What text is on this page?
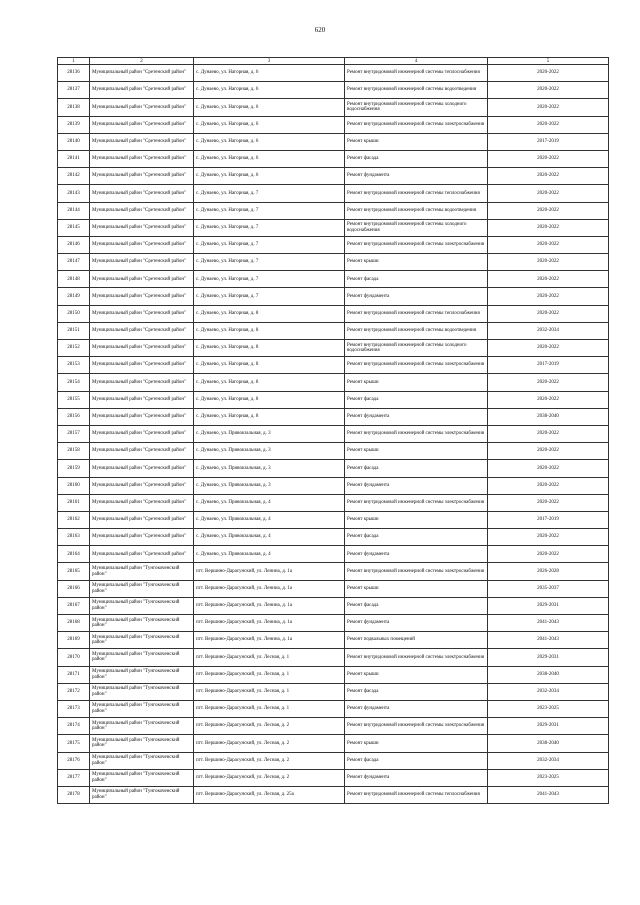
620
1	2	3	4	5
28136	Муниципальный район "Сретенский район"	с. Дунаево, ул. Нагорная, д. 6	Ремонт внутридомовой инженерной системы теплоснабжения	2020-2022
28137	Муниципальный район "Сретенский район"	с. Дунаево, ул. Нагорная, д. 6	Ремонт внутридомовой инженерной системы водоотведения	2020-2022
28138	Муниципальный район "Сретенский район"	с. Дунаево, ул. Нагорная, д. 6	Ремонт внутридомовой инженерной системы холодного водоснабжения	2020-2022
28139	Муниципальный район "Сретенский район"	с. Дунаево, ул. Нагорная, д. 6	Ремонт внутридомовой инженерной системы электроснабжения	2020-2022
28140	Муниципальный район "Сретенский район"	с. Дунаево, ул. Нагорная, д. 6	Ремонт крыши	2017-2019
28141	Муниципальный район "Сретенский район"	с. Дунаево, ул. Нагорная, д. 6	Ремонт фасада	2020-2022
28142	Муниципальный район "Сретенский район"	с. Дунаево, ул. Нагорная, д. 6	Ремонт фундамента	2020-2022
28143	Муниципальный район "Сретенский район"	с. Дунаево, ул. Нагорная, д. 7	Ремонт внутридомовой инженерной системы теплоснабжения	2020-2022
28144	Муниципальный район "Сретенский район"	с. Дунаево, ул. Нагорная, д. 7	Ремонт внутридомовой инженерной системы водоотведения	2020-2022
28145	Муниципальный район "Сретенский район"	с. Дунаево, ул. Нагорная, д. 7	Ремонт внутридомовой инженерной системы холодного водоснабжения	2020-2022
28146	Муниципальный район "Сретенский район"	с. Дунаево, ул. Нагорная, д. 7	Ремонт внутридомовой инженерной системы электроснабжения	2020-2022
28147	Муниципальный район "Сретенский район"	с. Дунаево, ул. Нагорная, д. 7	Ремонт крыши	2020-2022
28148	Муниципальный район "Сретенский район"	с. Дунаево, ул. Нагорная, д. 7	Ремонт фасада	2020-2022
28149	Муниципальный район "Сретенский район"	с. Дунаево, ул. Нагорная, д. 7	Ремонт фундамента	2020-2022
28150	Муниципальный район "Сретенский район"	с. Дунаево, ул. Нагорная, д. 8	Ремонт внутридомовой инженерной системы теплоснабжения	2020-2022
28151	Муниципальный район "Сретенский район"	с. Дунаево, ул. Нагорная, д. 8	Ремонт внутридомовой инженерной системы водоотведения	2032-2034
28152	Муниципальный район "Сретенский район"	с. Дунаево, ул. Нагорная, д. 8	Ремонт внутридомовой инженерной системы холодного водоснабжения	2020-2022
28153	Муниципальный район "Сретенский район"	с. Дунаево, ул. Нагорная, д. 8	Ремонт внутридомовой инженерной системы электроснабжения	2017-2019
28154	Муниципальный район "Сретенский район"	с. Дунаево, ул. Нагорная, д. 8	Ремонт крыши	2020-2022
28155	Муниципальный район "Сретенский район"	с. Дунаево, ул. Нагорная, д. 8	Ремонт фасада	2020-2022
28156	Муниципальный район "Сретенский район"	с. Дунаево, ул. Нагорная, д. 8	Ремонт фундамента	2038-2040
28157	Муниципальный район "Сретенский район"	с. Дунаево, ул. Привокзальная, д. 3	Ремонт внутридомовой инженерной системы электроснабжения	2020-2022
28158	Муниципальный район "Сретенский район"	с. Дунаево, ул. Привокзальная, д. 3	Ремонт крыши	2020-2022
28159	Муниципальный район "Сретенский район"	с. Дунаево, ул. Привокзальная, д. 3	Ремонт фасада	2020-2022
28160	Муниципальный район "Сретенский район"	с. Дунаево, ул. Привокзальная, д. 3	Ремонт фундамента	2020-2022
28161	Муниципальный район "Сретенский район"	с. Дунаево, ул. Привокзальная, д. 4	Ремонт внутридомовой инженерной системы электроснабжения	2020-2022
28162	Муниципальный район "Сретенский район"	с. Дунаево, ул. Привокзальная, д. 4	Ремонт крыши	2017-2019
28163	Муниципальный район "Сретенский район"	с. Дунаево, ул. Привокзальная, д. 4	Ремонт фасада	2020-2022
28164	Муниципальный район "Сретенский район"	с. Дунаево, ул. Привокзальная, д. 4	Ремонт фундамента	2020-2022
28165	Муниципальный район "Тунгокоченский район"	пгт. Вершино-Дарасунский, ул. Ленина, д. 1а	Ремонт внутридомовой инженерной системы электроснабжения	2026-2028
28166	Муниципальный район "Тунгокоченский район"	пгт. Вершино-Дарасунский, ул. Ленина, д. 1а	Ремонт крыши	2035-2037
28167	Муниципальный район "Тунгокоченский район"	пгт. Вершино-Дарасунский, ул. Ленина, д. 1а	Ремонт фасада	2029-2031
28168	Муниципальный район "Тунгокоченский район"	пгт. Вершино-Дарасунский, ул. Ленина, д. 1а	Ремонт фундамента	2041-2043
28169	Муниципальный район "Тунгокоченский район"	пгт. Вершино-Дарасунский, ул. Ленина, д. 1а	Ремонт подвальных помещений	2041-2043
28170	Муниципальный район "Тунгокоченский район"	пгт. Вершино-Дарасунский, ул. Лесная, д. 1	Ремонт внутридомовой инженерной системы электроснабжения	2029-2031
28171	Муниципальный район "Тунгокоченский район"	пгт. Вершино-Дарасунский, ул. Лесная, д. 1	Ремонт крыши	2038-2040
28172	Муниципальный район "Тунгокоченский район"	пгт. Вершино-Дарасунский, ул. Лесная, д. 1	Ремонт фасада	2032-2034
28173	Муниципальный район "Тунгокоченский район"	пгт. Вершино-Дарасунский, ул. Лесная, д. 1	Ремонт фундамента	2023-2025
28174	Муниципальный район "Тунгокоченский район"	пгт. Вершино-Дарасунский, ул. Лесная, д. 2	Ремонт внутридомовой инженерной системы электроснабжения	2029-2031
28175	Муниципальный район "Тунгокоченский район"	пгт. Вершино-Дарасунский, ул. Лесная, д. 2	Ремонт крыши	2038-2040
28176	Муниципальный район "Тунгокоченский район"	пгт. Вершино-Дарасунский, ул. Лесная, д. 2	Ремонт фасада	2032-2034
28177	Муниципальный район "Тунгокоченский район"	пгт. Вершино-Дарасунский, ул. Лесная, д. 2	Ремонт фундамента	2023-2025
28178	Муниципальный район "Тунгокоченский район"	пгт. Вершино-Дарасунский, ул. Лесная, д. 25а	Ремонт внутридомовой инженерной системы теплоснабжения	2041-2043
